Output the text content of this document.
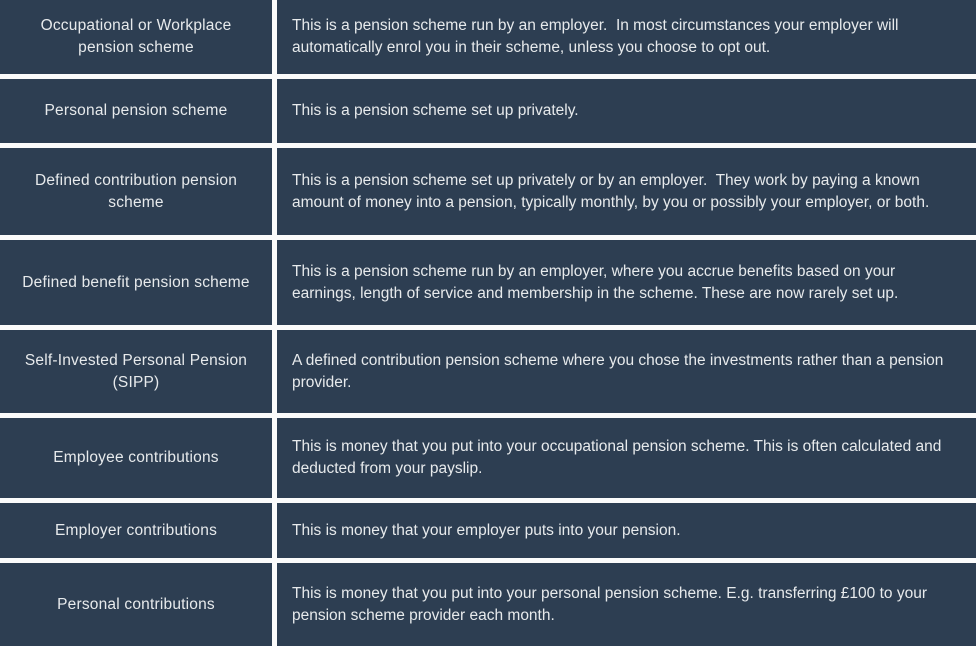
Occupational or Workplace pension scheme
This is a pension scheme run by an employer.  In most circumstances your employer will automatically enrol you in their scheme, unless you choose to opt out.
Personal pension scheme	This is a pension scheme set up privately.
Defined contribution pension scheme
This is a pension scheme set up privately or by an employer.  They work by paying a known amount of money into a pension, typically monthly, by you or possibly your employer, or both.
Defined benefit pension scheme
This is a pension scheme run by an employer, where you accrue benefits based on your earnings, length of service and membership in the scheme. These are now rarely set up.
Self-Invested Personal Pension (SIPP)
A defined contribution pension scheme where you chose the investments rather than a pension provider.
Employee contributions
This is money that you put into your occupational pension scheme. This is often calculated and deducted from your payslip.
Employer contributions	This is money that your employer puts into your pension.
Personal contributions
This is money that you put into your personal pension scheme. E.g. transferring £100 to your pension scheme provider each month.
